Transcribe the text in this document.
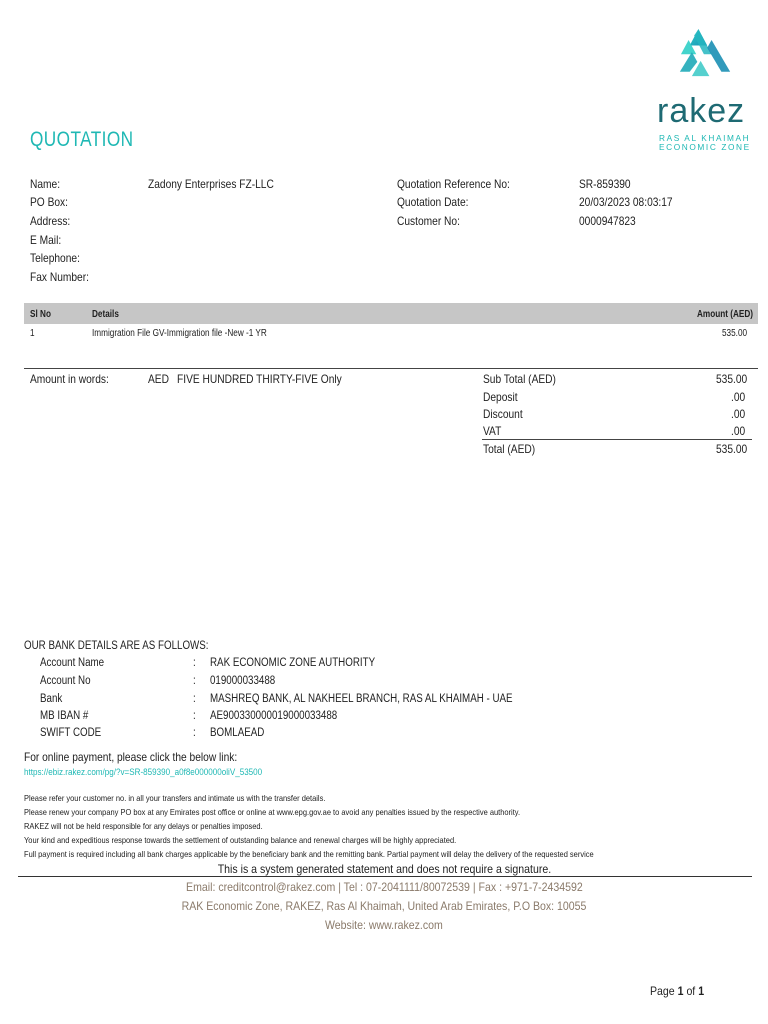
QUOTATION
rakez
RAS AL KHAIMAH
ECONOMIC ZONE
Name:	Zadony Enterprises FZ-LLC
PO Box:
Address:
E Mail:
Telephone:
Fax Number:
Quotation Reference No:	SR-859390
Quotation Date:	20/03/2023 08:03:17
Customer No:	0000947823
Sl No	Details	Amount (AED)
1	Immigration File GV-Immigration file -New -1 YR	535.00
Amount in words:	AED FIVE HUNDRED THIRTY-FIVE Only	Sub Total (AED)	535.00
Deposit	.00
Discount	.00
VAT	.00
Total (AED)	535.00
OUR BANK DETAILS ARE AS FOLLOWS:
Account Name	: RAK ECONOMIC ZONE AUTHORITY
Account No	: 019000033488
Bank	: MASHREQ BANK, AL NAKHEEL BRANCH, RAS AL KHAIMAH - UAE
MB IBAN #	: AE900330000019000033488
SWIFT CODE	: BOMLAEAD
For online payment, please click the below link:
https://ebiz.rakez.com/pg/?v=SR-859390_a0f8e000000oliV_53500
Please refer your customer no. in all your transfers and intimate us with the transfer details.
Please renew your company PO box at any Emirates post office or online at www.epg.gov.ae to avoid any penalties issued by the respective authority.
RAKEZ will not be held responsible for any delays or penalties imposed.
Your kind and expeditious response towards the settlement of outstanding balance and renewal charges will be highly appreciated.
Full payment is required including all bank charges applicable by the beneficiary bank and the remitting bank. Partial payment will delay the delivery of the requested service
This is a system generated statement and does not require a signature.
Email: creditcontrol@rakez.com | Tel : 07-2041111/80072539 | Fax : +971-7-2434592
RAK Economic Zone, RAKEZ, Ras Al Khaimah, United Arab Emirates, P.O Box: 10055
Website: www.rakez.com
Page 1 of 1
